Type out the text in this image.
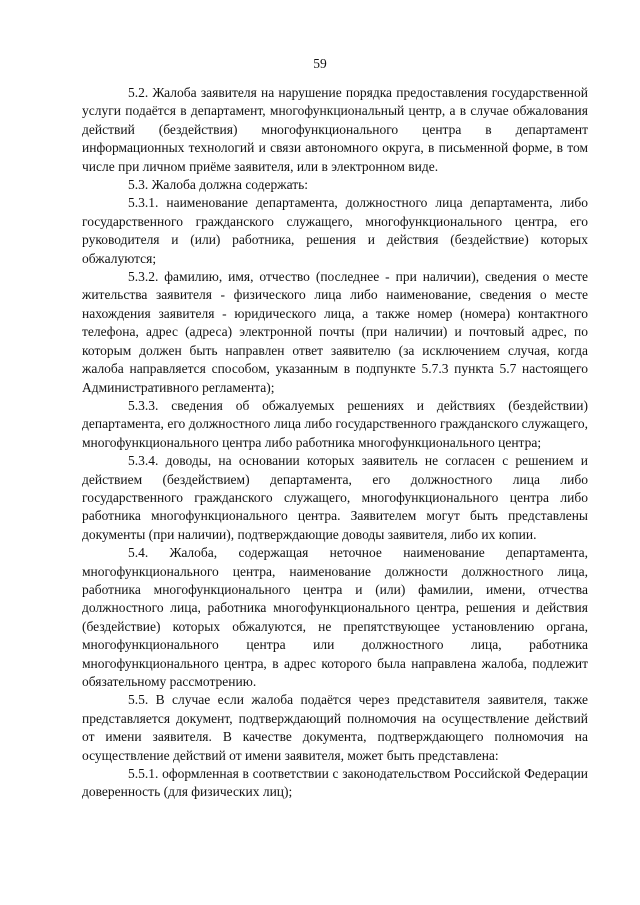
59

5.2. Жалоба заявителя на нарушение порядка предоставления государственной услуги подаётся в департамент, многофункциональный центр, а в случае обжалования действий (бездействия) многофункционального центра в департамент информационных технологий и связи автономного округа, в письменной форме, в том числе при личном приёме заявителя, или в электронном виде.

5.3. Жалоба должна содержать:

5.3.1. наименование департамента, должностного лица департамента, либо государственного гражданского служащего, многофункционального центра, его руководителя и (или) работника, решения и действия (бездействие) которых обжалуются;

5.3.2. фамилию, имя, отчество (последнее - при наличии), сведения о месте жительства заявителя - физического лица либо наименование, сведения о месте нахождения заявителя - юридического лица, а также номер (номера) контактного телефона, адрес (адреса) электронной почты (при наличии) и почтовый адрес, по которым должен быть направлен ответ заявителю (за исключением случая, когда жалоба направляется способом, указанным в подпункте 5.7.3 пункта 5.7 настоящего Административного регламента);

5.3.3. сведения об обжалуемых решениях и действиях (бездействии) департамента, его должностного лица либо государственного гражданского служащего, многофункционального центра либо работника многофункционального центра;

5.3.4. доводы, на основании которых заявитель не согласен с решением и действием (бездействием) департамента, его должностного лица либо государственного гражданского служащего, многофункционального центра либо работника многофункционального центра. Заявителем могут быть представлены документы (при наличии), подтверждающие доводы заявителя, либо их копии.

5.4. Жалоба, содержащая неточное наименование департамента, многофункционального центра, наименование должности должностного лица, работника многофункционального центра и (или) фамилии, имени, отчества должностного лица, работника многофункционального центра, решения и действия (бездействие) которых обжалуются, не препятствующее установлению органа, многофункционального центра или должностного лица, работника многофункционального центра, в адрес которого была направлена жалоба, подлежит обязательному рассмотрению.

5.5. В случае если жалоба подаётся через представителя заявителя, также представляется документ, подтверждающий полномочия на осуществление действий от имени заявителя. В качестве документа, подтверждающего полномочия на осуществление действий от имени заявителя, может быть представлена:

5.5.1. оформленная в соответствии с законодательством Российской Федерации доверенность (для физических лиц);
